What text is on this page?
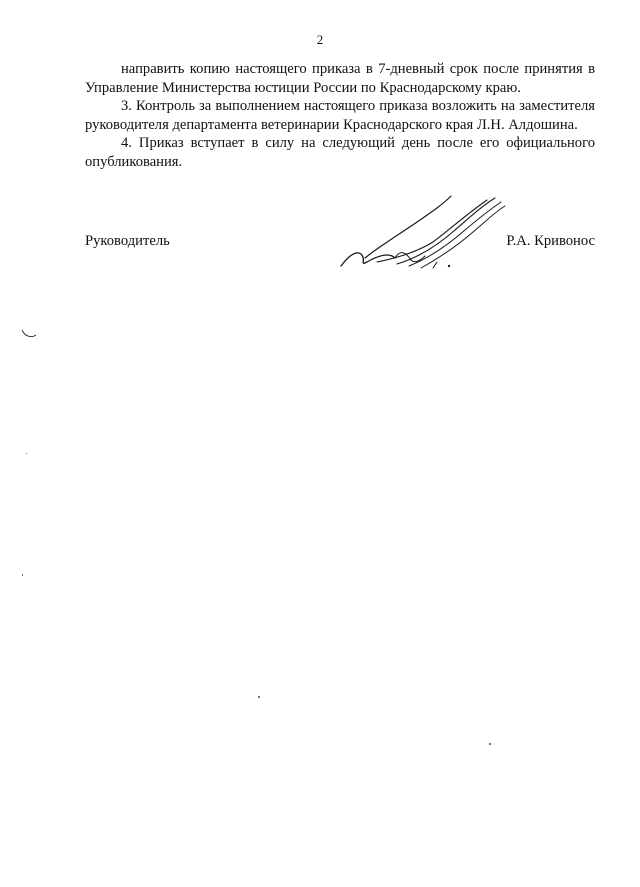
2

направить копию настоящего приказа в 7-дневный срок после принятия в Управление Министерства юстиции России по Краснодарскому краю.

3. Контроль за выполнением настоящего приказа возложить на заместителя руководителя департамента ветеринарии Краснодарского края Л.Н. Алдошина.

4. Приказ вступает в силу на следующий день после его официального опубликования.

Руководитель	Р.А. Кривонос
